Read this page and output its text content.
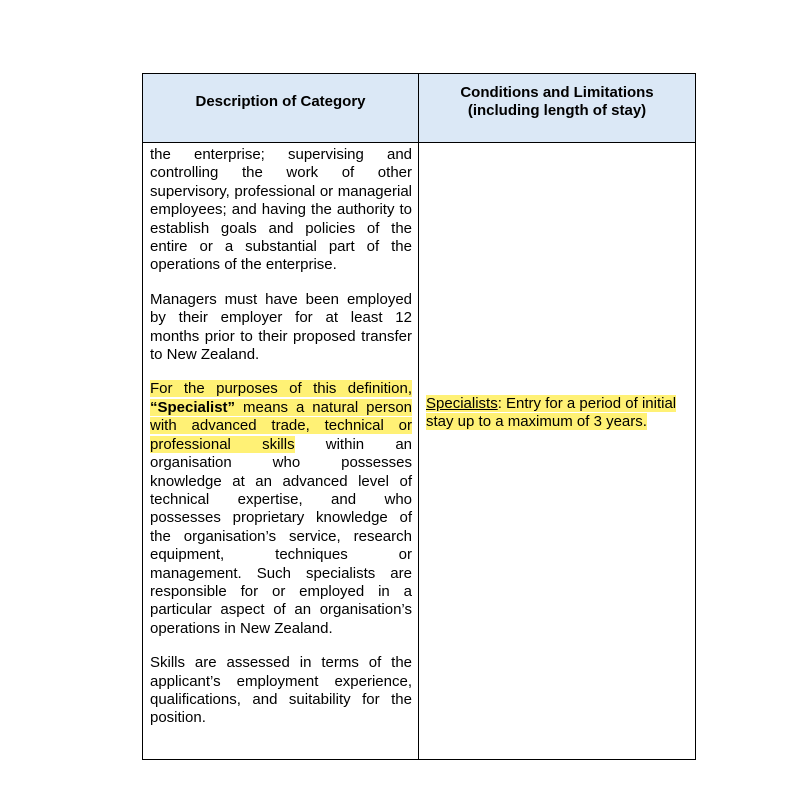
Description of Category	Conditions and Limitations
(including length of stay)

the enterprise; supervising and controlling the work of other supervisory, professional or managerial employees; and having the authority to establish goals and policies of the entire or a substantial part of the operations of the enterprise.

Managers must have been employed by their employer for at least 12 months prior to their proposed transfer to New Zealand.

For the purposes of this definition, “Specialist” means a natural person with advanced trade, technical or professional skills within an organisation who possesses knowledge at an advanced level of technical expertise, and who possesses proprietary knowledge of the organisation’s service, research equipment, techniques or management. Such specialists are responsible for or employed in a particular aspect of an organisation’s operations in New Zealand.

Skills are assessed in terms of the applicant’s employment experience, qualifications, and suitability for the position.	Specialists: Entry for a period of initial stay up to a maximum of 3 years.
